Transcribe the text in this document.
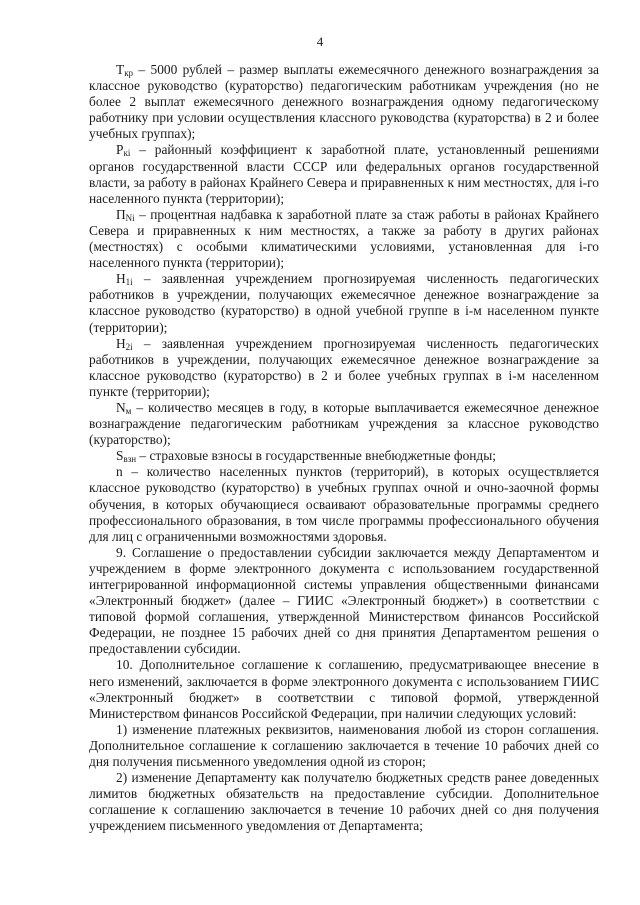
4

$T_{кр} - 5000$ рублей – размер выплаты ежемесячного денежного вознаграждения за классное руководство (кураторство) педагогическим работникам учреждения (но не более 2 выплат ежемесячного денежного вознаграждения одному педагогическому работнику при условии осуществления классного руководства (кураторства) в 2 и более учебных группах);

$Р_{кi}$ – районный коэффициент к заработной плате, установленный решениями органов государственной власти СССР или федеральных органов государственной власти, за работу в районах Крайнего Севера и приравненных к ним местностях, для i-го населенного пункта (территории);

$П_{Ni}$ – процентная надбавка к заработной плате за стаж работы в районах Крайнего Севера и приравненных к ним местностях, а также за работу в других районах (местностях) с особыми климатическими условиями, установленная для i-го населенного пункта (территории);

$Н_{1i}$ – заявленная учреждением прогнозируемая численность педагогических работников в учреждении, получающих ежемесячное денежное вознаграждение за классное руководство (кураторство) в одной учебной группе в i-м населенном пункте (территории);

$Н_{2i}$ – заявленная учреждением прогнозируемая численность педагогических работников в учреждении, получающих ежемесячное денежное вознаграждение за классное руководство (кураторство) в 2 и более учебных группах в i-м населенном пункте (территории);

$N_м$ – количество месяцев в году, в которые выплачивается ежемесячное денежное вознаграждение педагогическим работникам учреждения за классное руководство (кураторство);

$S_{взн}$ – страховые взносы в государственные внебюджетные фонды;

n – количество населенных пунктов (территорий), в которых осуществляется классное руководство (кураторство) в учебных группах очной и очно-заочной формы обучения, в которых обучающиеся осваивают образовательные программы среднего профессионального образования, в том числе программы профессионального обучения для лиц с ограниченными возможностями здоровья.

9. Соглашение о предоставлении субсидии заключается между Департаментом и учреждением в форме электронного документа с использованием государственной интегрированной информационной системы управления общественными финансами «Электронный бюджет» (далее – ГИИС «Электронный бюджет») в соответствии с типовой формой соглашения, утвержденной Министерством финансов Российской Федерации, не позднее 15 рабочих дней со дня принятия Департаментом решения о предоставлении субсидии.

10. Дополнительное соглашение к соглашению, предусматривающее внесение в него изменений, заключается в форме электронного документа с использованием ГИИС «Электронный бюджет» в соответствии с типовой формой, утвержденной Министерством финансов Российской Федерации, при наличии следующих условий:

1) изменение платежных реквизитов, наименования любой из сторон соглашения. Дополнительное соглашение к соглашению заключается в течение 10 рабочих дней со дня получения письменного уведомления одной из сторон;

2) изменение Департаменту как получателю бюджетных средств ранее доведенных лимитов бюджетных обязательств на предоставление субсидии. Дополнительное соглашение к соглашению заключается в течение 10 рабочих дней со дня получения учреждением письменного уведомления от Департамента;
